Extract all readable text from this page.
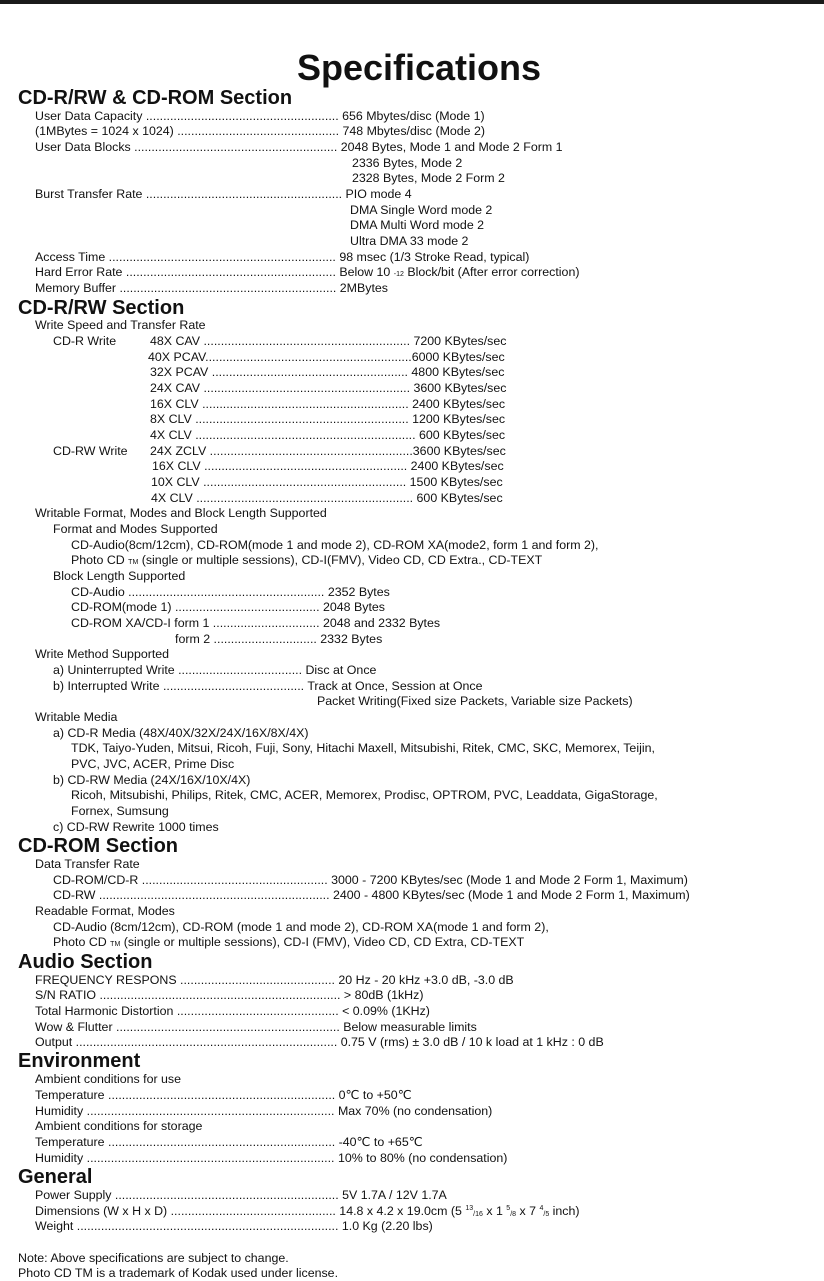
Specifications
CD-R/RW & CD-ROM Section
User Data Capacity ........................................................ 656 Mbytes/disc (Mode 1)
(1MBytes = 1024 x 1024) ............................................... 748 Mbytes/disc (Mode 2)
User Data Blocks ........................................................... 2048 Bytes, Mode 1 and Mode 2 Form 1
2336 Bytes, Mode 2
2328 Bytes, Mode 2 Form 2
Burst Transfer Rate ......................................................... PIO mode 4
DMA Single Word mode 2
DMA Multi Word mode 2
Ultra DMA 33 mode 2
Access Time .................................................................. 98 msec (1/3 Stroke Read, typical)
Hard Error Rate ............................................................. Below 10 -12 Block/bit (After error correction)
Memory Buffer ............................................................... 2MBytes
CD-R/RW Section
Write Speed and Transfer Rate
CD-R Write	48X CAV ............................................................ 7200 KBytes/sec
40X PCAV............................................................6000 KBytes/sec
32X PCAV ......................................................... 4800 KBytes/sec
24X CAV ............................................................ 3600 KBytes/sec
16X CLV ............................................................ 2400 KBytes/sec
8X CLV .............................................................. 1200 KBytes/sec
4X CLV ................................................................ 600 KBytes/sec
CD-RW Write 24X ZCLV ...........................................................3600 KBytes/sec
16X CLV ........................................................... 2400 KBytes/sec
10X CLV ........................................................... 1500 KBytes/sec
4X CLV ............................................................... 600 KBytes/sec
Writable Format, Modes and Block Length Supported
Format and Modes Supported
CD-Audio(8cm/12cm), CD-ROM(mode 1 and mode 2), CD-ROM XA(mode2, form 1 and form 2),
Photo CD TM (single or multiple sessions), CD-I(FMV), Video CD, CD Extra., CD-TEXT
Block Length Supported
CD-Audio ......................................................... 2352 Bytes
CD-ROM(mode 1) .......................................... 2048 Bytes
CD-ROM XA/CD-I form 1 ............................... 2048 and 2332 Bytes
form 2 .............................. 2332 Bytes
Write Method Supported
a) Uninterrupted Write .................................... Disc at Once
b) Interrupted Write ......................................... Track at Once, Session at Once
Packet Writing(Fixed size Packets, Variable size Packets)
Writable Media
a) CD-R Media (48X/40X/32X/24X/16X/8X/4X)
TDK, Taiyo-Yuden, Mitsui, Ricoh, Fuji, Sony, Hitachi Maxell, Mitsubishi, Ritek, CMC, SKC, Memorex, Teijin,
PVC, JVC, ACER, Prime Disc
b) CD-RW Media (24X/16X/10X/4X)
Ricoh, Mitsubishi, Philips, Ritek, CMC, ACER, Memorex, Prodisc, OPTROM, PVC, Leaddata, GigaStorage,
Fornex, Sumsung
c) CD-RW Rewrite 1000 times
CD-ROM Section
Data Transfer Rate
CD-ROM/CD-R ...................................................... 3000 - 7200 KBytes/sec (Mode 1 and Mode 2 Form 1, Maximum)
CD-RW ................................................................... 2400 - 4800 KBytes/sec (Mode 1 and Mode 2 Form 1, Maximum)
Readable Format, Modes
CD-Audio (8cm/12cm), CD-ROM (mode 1 and mode 2), CD-ROM XA(mode 1 and form 2),
Photo CD TM (single or multiple sessions), CD-I (FMV), Video CD, CD Extra, CD-TEXT
Audio Section
FREQUENCY RESPONS ............................................. 20 Hz - 20 kHz +3.0 dB, -3.0 dB
S/N RATIO ...................................................................... > 80dB (1kHz)
Total Harmonic Distortion ............................................... < 0.09% (1KHz)
Wow & Flutter ................................................................. Below measurable limits
Output ............................................................................ 0.75 V (rms) ± 3.0 dB / 10 k load at 1 kHz : 0 dB
Environment
Ambient conditions for use
Temperature .................................................................. 0℃ to +50℃
Humidity ........................................................................ Max 70% (no condensation)
Ambient conditions for storage
Temperature .................................................................. -40℃ to +65℃
Humidity ........................................................................ 10% to 80% (no condensation)
General
Power Supply ................................................................. 5V 1.7A / 12V 1.7A
Dimensions (W x H x D) ................................................ 14.8 x 4.2 x 19.0cm (5 $^{13}$/16 x 1 $^5$/8 x 7 $^4$/5 inch)
Weight ............................................................................ 1.0 Kg (2.20 lbs)
Note: Above specifications are subject to change.
Photo CD TM is a trademark of Kodak used under license.
